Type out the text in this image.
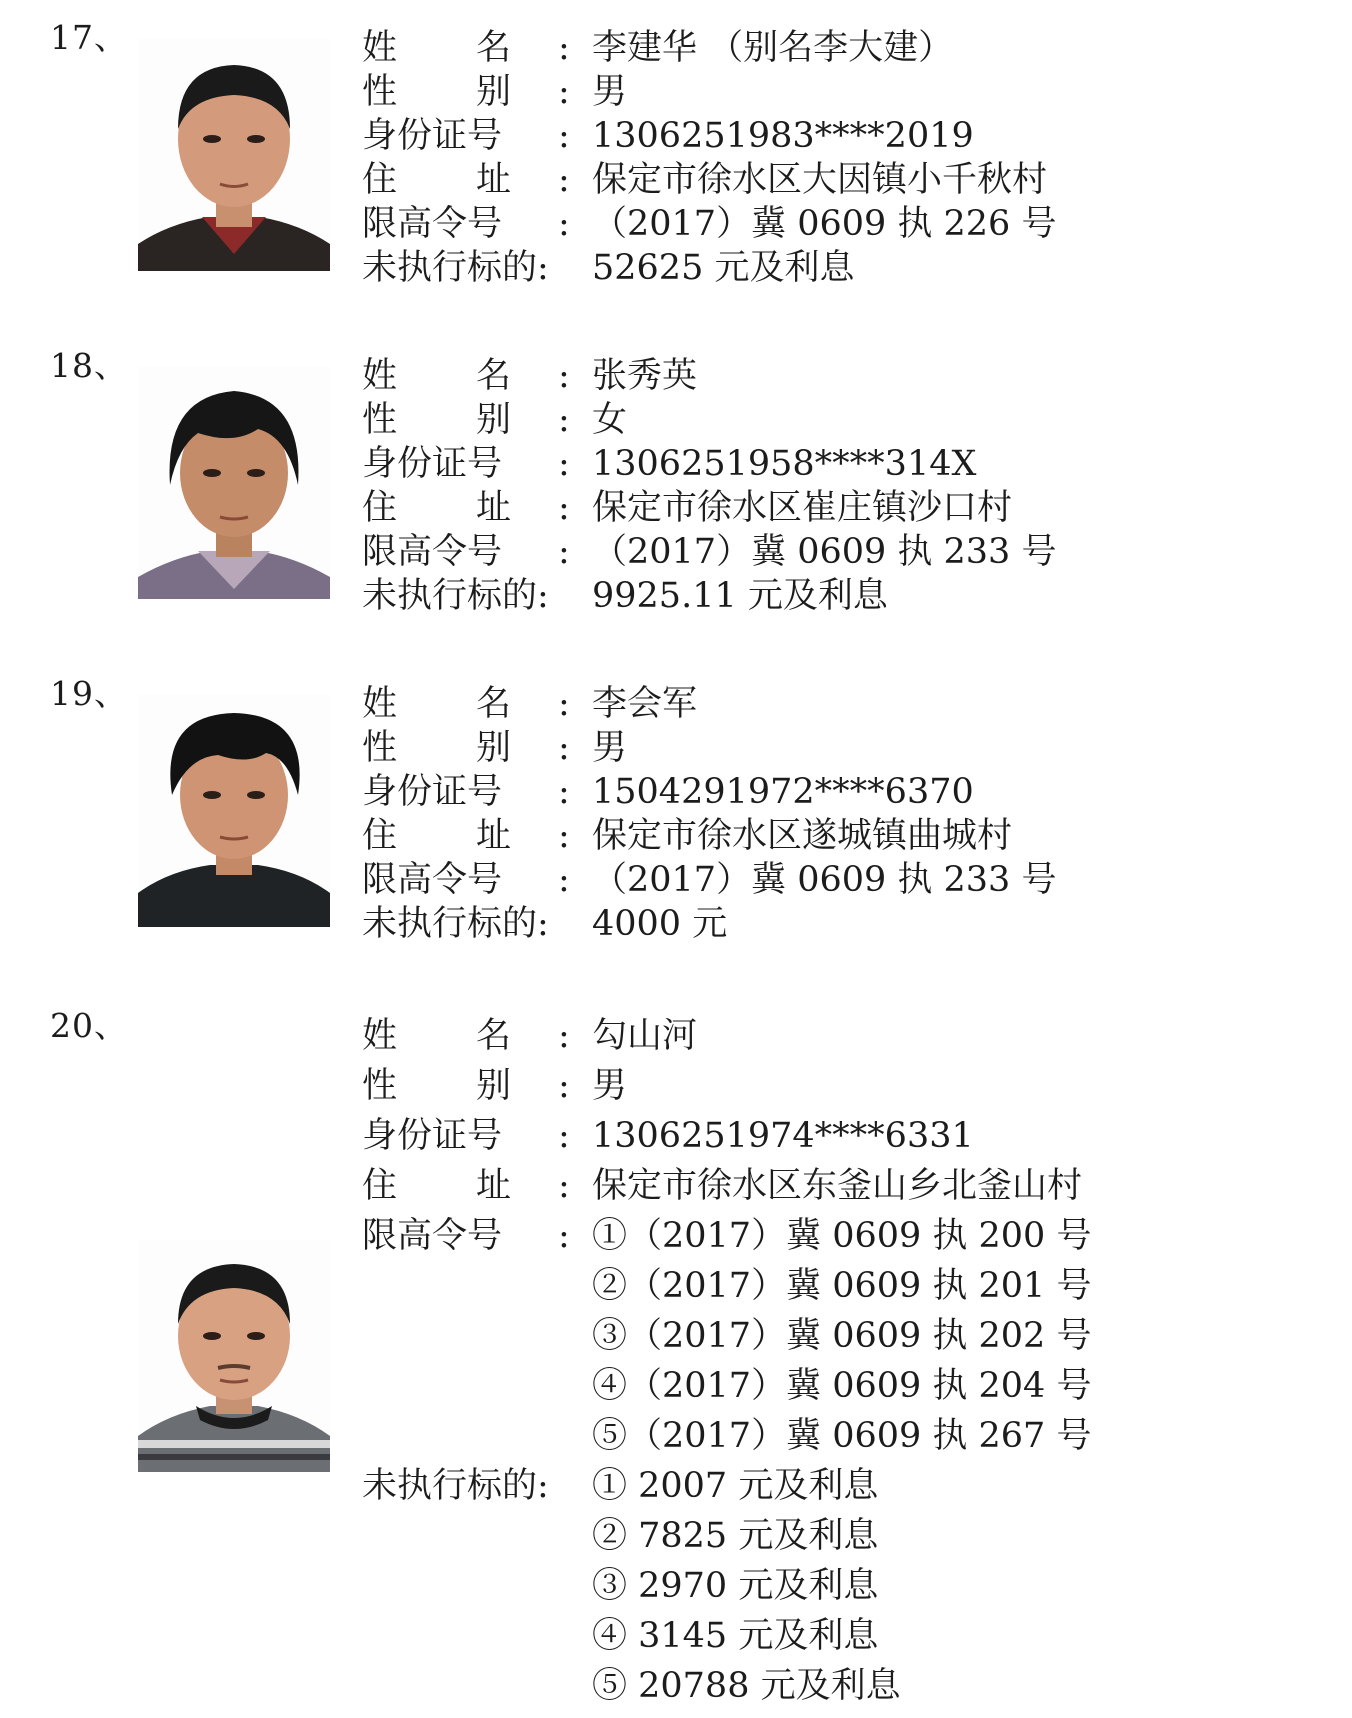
17、	姓 名 : 李建华 （别名李大建）
性 别 : 男
身份证号 : 1306251983****2019
住 址 : 保定市徐水区大因镇小千秋村
限高令号 : （2017）冀 0609 执 226 号
未执行标的: 52625 元及利息
18、	姓 名 : 张秀英
性 别 : 女
身份证号 : 1306251958****314X
住 址 : 保定市徐水区崔庄镇沙口村
限高令号 : （2017）冀 0609 执 233 号
未执行标的: 9925.11 元及利息
19、	姓 名 : 李会军
性 别 : 男
身份证号 : 1504291972****6370
住 址 : 保定市徐水区遂城镇曲城村
限高令号 : （2017）冀 0609 执 233 号
未执行标的: 4000 元
20、	姓 名 : 勾山河
性 别 : 男
身份证号 : 1306251974****6331
住 址 : 保定市徐水区东釜山乡北釜山村
限高令号 : ①（2017）冀 0609 执 200 号
②（2017）冀 0609 执 201 号
③（2017）冀 0609 执 202 号
④（2017）冀 0609 执 204 号
⑤（2017）冀 0609 执 267 号
未执行标的: ① 2007 元及利息
② 7825 元及利息
③ 2970 元及利息
④ 3145 元及利息
⑤ 20788 元及利息
